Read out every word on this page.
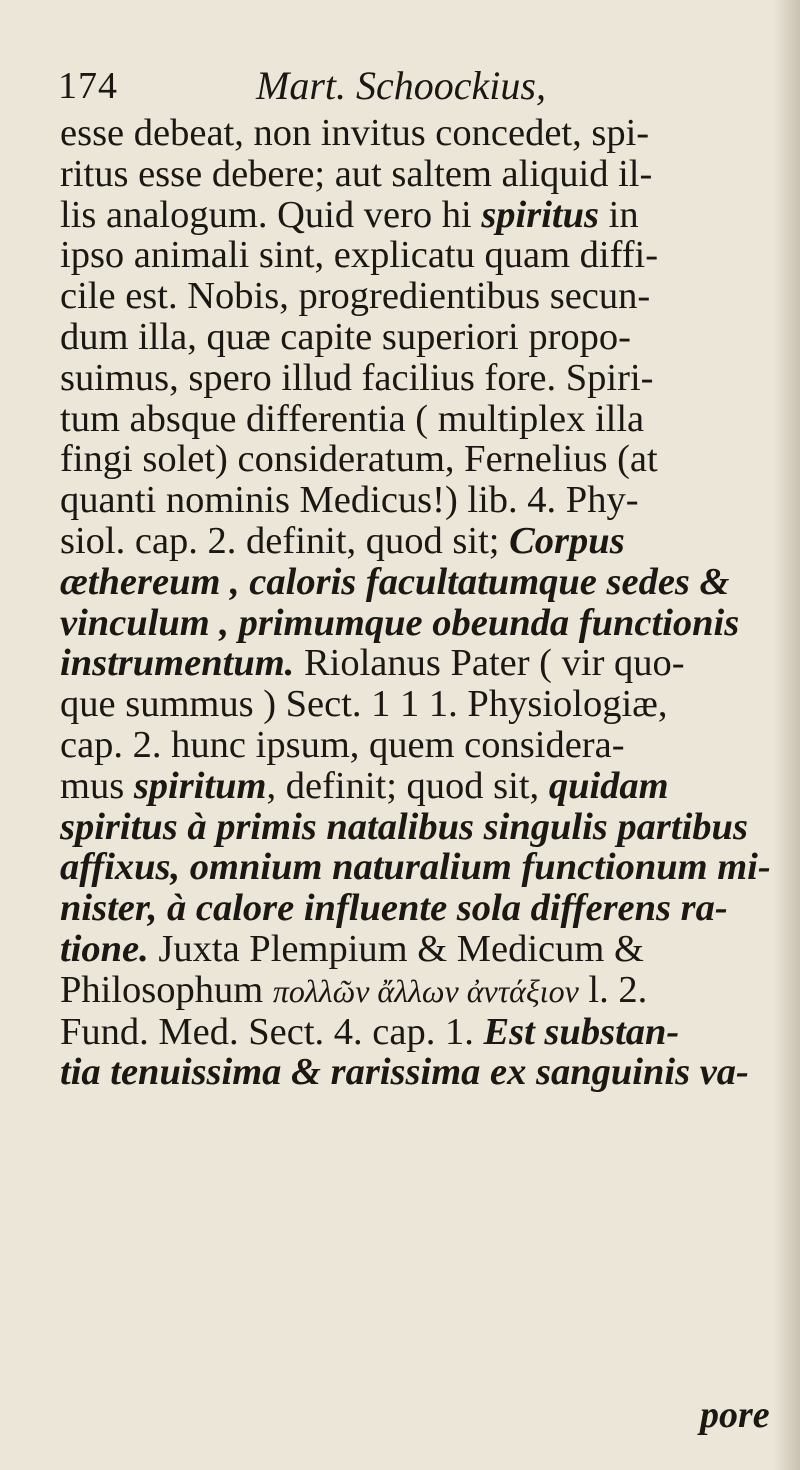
174	Mart. Schoockius,
esse debeat, non invitus concedet, spi-
ritus esse debere; aut saltem aliquid il-
lis analogum. Quid vero hi spiritus in
ipso animali sint, explicatu quam diffi-
cile est. Nobis, progredientibus secun-
dum illa, quæ capite superiori propo-
suimus, spero illud facilius fore. Spiri-
tum absque differentia ( multiplex illa
fingi solet) consideratum, Fernelius (at
quanti nominis Medicus!) lib. 4. Phy-
siol. cap. 2. definit, quod sit; Corpus
æthereum , caloris facultatumque sedes &
vinculum , primumque obeunda functionis
instrumentum. Riolanus Pater ( vir quo-
que summus ) Sect. 1 1 1. Physiologiæ,
cap. 2. hunc ipsum, quem considera-
mus spiritum, definit; quod sit, quidam
spiritus à primis natalibus singulis partibus
affixus, omnium naturalium functionum mi-
nister, à calore influente sola differens ra-
tione. Juxta Plempium & Medicum &
Philosophum πολλῶν ἄλλων ἀντάξιον l. 2.
Fund. Med. Sect. 4. cap. 1. Est substan-
tia tenuissima & rarissima ex sanguinis va-
pore
